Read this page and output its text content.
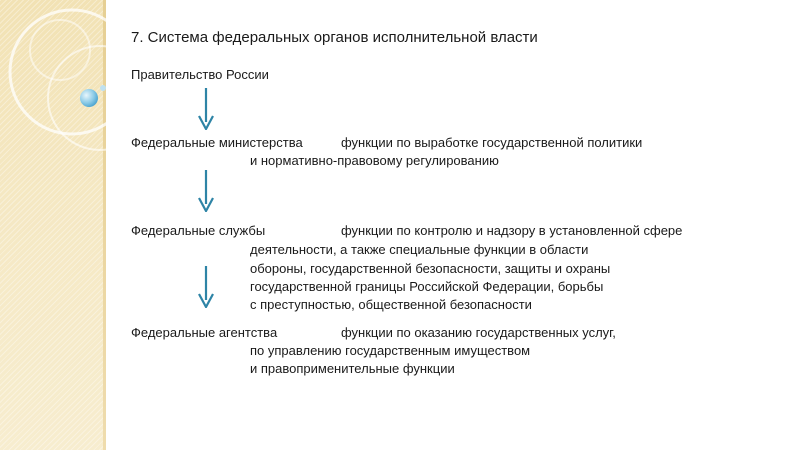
7. Система федеральных органов исполнительной власти
Правительство России
Федеральные министерства	функции по выработке государственной политики
и нормативно-правовому регулированию
Федеральные службы	функции по контролю и надзору в установленной сфере
деятельности, а также специальные функции в области
обороны, государственной безопасности, защиты и охраны
государственной границы Российской Федерации, борьбы
с преступностью, общественной безопасности
Федеральные агентства	функции по оказанию государственных услуг,
по управлению государственным имуществом
и правоприменительные функции
